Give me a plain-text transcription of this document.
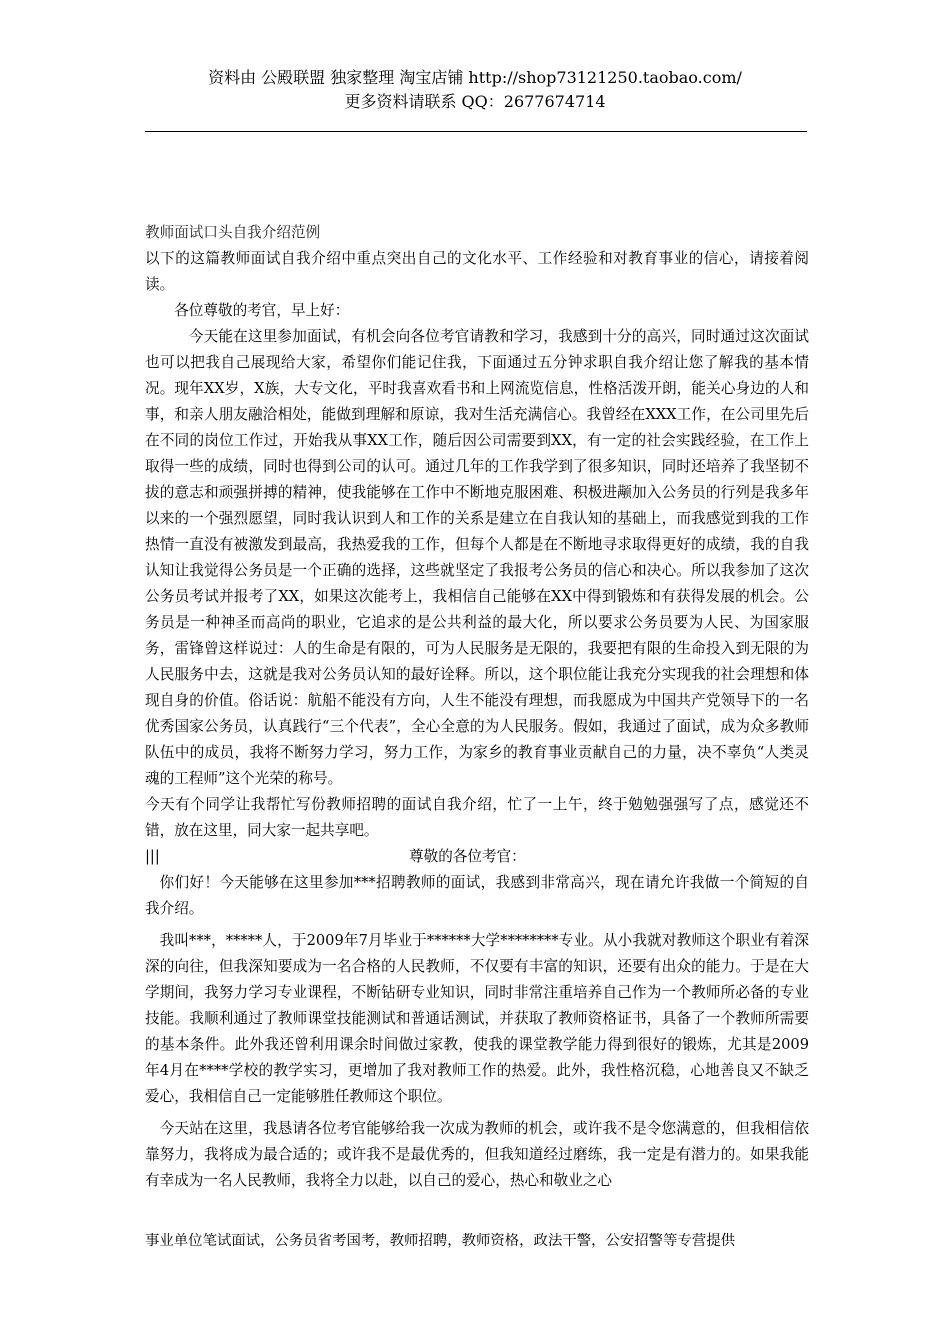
资料由 公殿联盟 独家整理 淘宝店铺 http://shop73121250.taobao.com/
更多资料请联系 QQ：2677674714

教师面试口头自我介绍范例

以下的这篇教师面试自我介绍中重点突出自己的文化水平、工作经验和对教育事业的信心，请接着阅读。

各位尊敬的考官，早上好：

今天能在这里参加面试，有机会向各位考官请教和学习，我感到十分的高兴，同时通过这次面试也可以把我自己展现给大家，希望你们能记住我，下面通过五分钟求职自我介绍让您了解我的基本情况。现年XX岁，X族，大专文化，平时我喜欢看书和上网流览信息，性格活泼开朗，能关心身边的人和事，和亲人朋友融洽相处，能做到理解和原谅，我对生活充满信心。我曾经在XXX工作，在公司里先后在不同的岗位工作过，开始我从事XX工作，随后因公司需要到XX，有一定的社会实践经验，在工作上取得一些的成绩，同时也得到公司的认可。通过几年的工作我学到了很多知识，同时还培养了我坚韧不拔的意志和顽强拼搏的精神，使我能够在工作中不断地克服困难、积极进颟加入公务员的行列是我多年以来的一个强烈愿望，同时我认识到人和工作的关系是建立在自我认知的基础上，而我感觉到我的工作热情一直没有被激发到最高，我热爱我的工作，但每个人都是在不断地寻求取得更好的成绩，我的自我认知让我觉得公务员是一个正确的选择，这些就坚定了我报考公务员的信心和决心。所以我参加了这次公务员考试并报考了XX，如果这次能考上，我相信自己能够在XX中得到锻炼和有获得发展的机会。公务员是一种神圣而高尚的职业，它追求的是公共利益的最大化，所以要求公务员要为人民、为国家服务，雷锋曾这样说过：人的生命是有限的，可为人民服务是无限的，我要把有限的生命投入到无限的为人民服务中去，这就是我对公务员认知的最好诠释。所以，这个职位能让我充分实现我的社会理想和体现自身的价值。俗话说：航船不能没有方向，人生不能没有理想，而我愿成为中国共产党领导下的一名优秀国家公务员，认真践行“三个代表”，全心全意的为人民服务。假如，我通过了面试，成为众多教师队伍中的成员，我将不断努力学习，努力工作，为家乡的教育事业贡献自己的力量，决不辜负“人类灵魂的工程师”这个光荣的称号。

今天有个同学让我帮忙写份教师招聘的面试自我介绍，忙了一上午，终于勉勉强强写了点，感觉还不错，放在这里，同大家一起共享吧。

|||	尊敬的各位考官：

你们好！今天能够在这里参加***招聘教师的面试，我感到非常高兴，现在请允许我做一个简短的自我介绍。

我叫***，*****人，于2009年7月毕业于******大学********专业。从小我就对教师这个职业有着深深的向往，但我深知要成为一名合格的人民教师，不仅要有丰富的知识，还要有出众的能力。于是在大学期间，我努力学习专业课程，不断钻研专业知识，同时非常注重培养自己作为一个教师所必备的专业技能。我顺利通过了教师课堂技能测试和普通话测试，并获取了教师资格证书，具备了一个教师所需要的基本条件。此外我还曾利用课余时间做过家教，使我的课堂教学能力得到很好的锻炼，尤其是2009年4月在****学校的教学实习，更增加了我对教师工作的热爱。此外，我性格沉稳，心地善良又不缺乏爱心，我相信自己一定能够胜任教师这个职位。

今天站在这里，我恳请各位考官能够给我一次成为教师的机会，或许我不是令您满意的，但我相信依靠努力，我将成为最合适的；或许我不是最优秀的，但我知道经过磨练，我一定是有潜力的。如果我能有幸成为一名人民教师，我将全力以赴，以自己的爱心，热心和敬业之心

事业单位笔试面试，公务员省考国考，教师招聘，教师资格，政法干警，公安招警等专营提供
